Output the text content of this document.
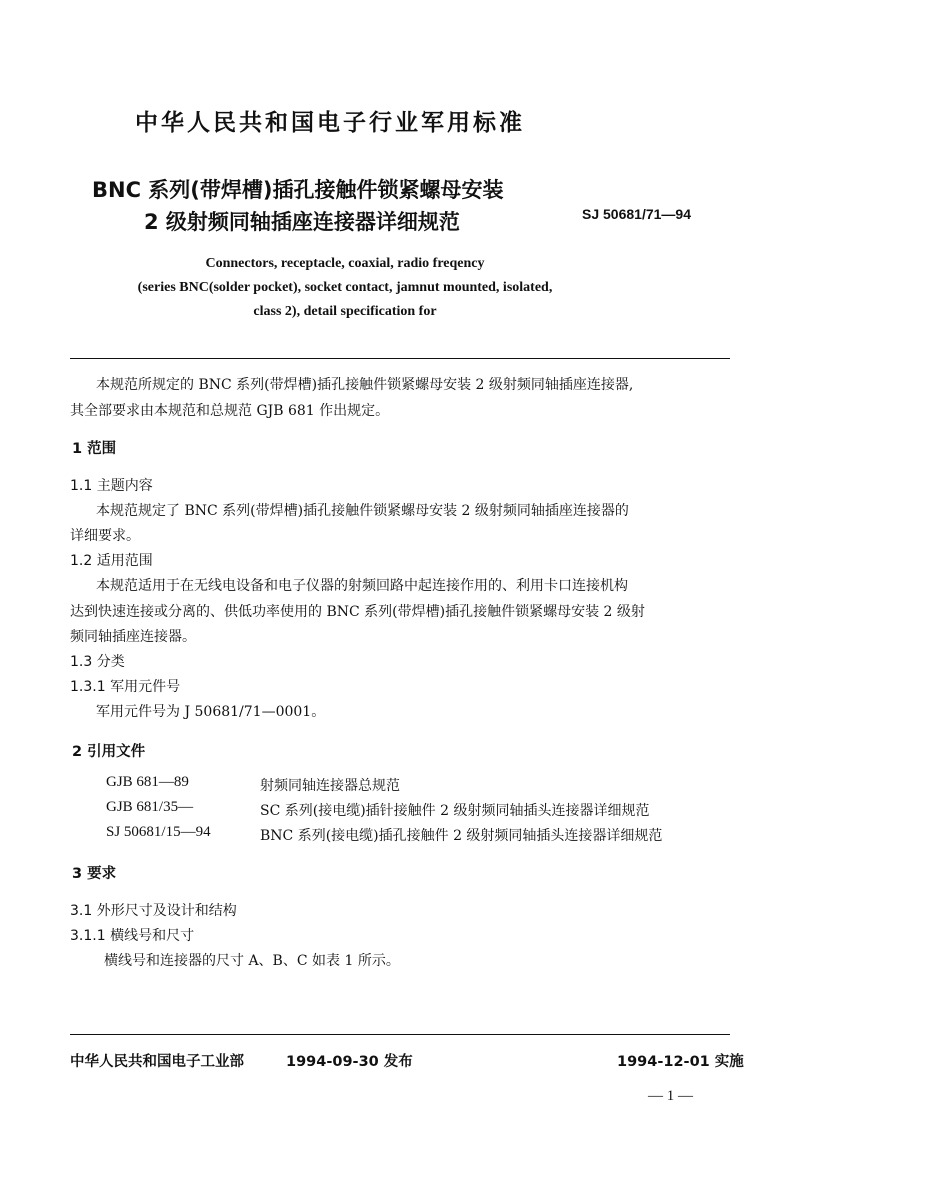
中华人民共和国电子行业军用标准
BNC 系列(带焊槽)插孔接触件锁紧螺母安装
2 级射频同轴插座连接器详细规范	SJ 50681/71—94
Connectors, receptacle, coaxial, radio freqency
(series BNC(solder pocket), socket contact, jamnut mounted, isolated,
class 2), detail specification for
本规范所规定的 BNC 系列(带焊槽)插孔接触件锁紧螺母安装 2 级射频同轴插座连接器,
其全部要求由本规范和总规范 GJB 681 作出规定。
1 范围
1.1 主题内容
本规范规定了 BNC 系列(带焊槽)插孔接触件锁紧螺母安装 2 级射频同轴插座连接器的
详细要求。
1.2 适用范围
本规范适用于在无线电设备和电子仪器的射频回路中起连接作用的、利用卡口连接机构
达到快速连接或分离的、供低功率使用的 BNC 系列(带焊槽)插孔接触件锁紧螺母安装 2 级射
频同轴插座连接器。
1.3 分类
1.3.1 军用元件号
军用元件号为 J 50681/71—0001。
2 引用文件
GJB 681—89	射频同轴连接器总规范
GJB 681/35—	SC 系列(接电缆)插针接触件 2 级射频同轴插头连接器详细规范
SJ 50681/15—94	BNC 系列(接电缆)插孔接触件 2 级射频同轴插头连接器详细规范
3 要求
3.1 外形尺寸及设计和结构
3.1.1 横线号和尺寸
横线号和连接器的尺寸 A、B、C 如表 1 所示。
中华人民共和国电子工业部	1994-09-30 发布	1994-12-01 实施
— 1 —
